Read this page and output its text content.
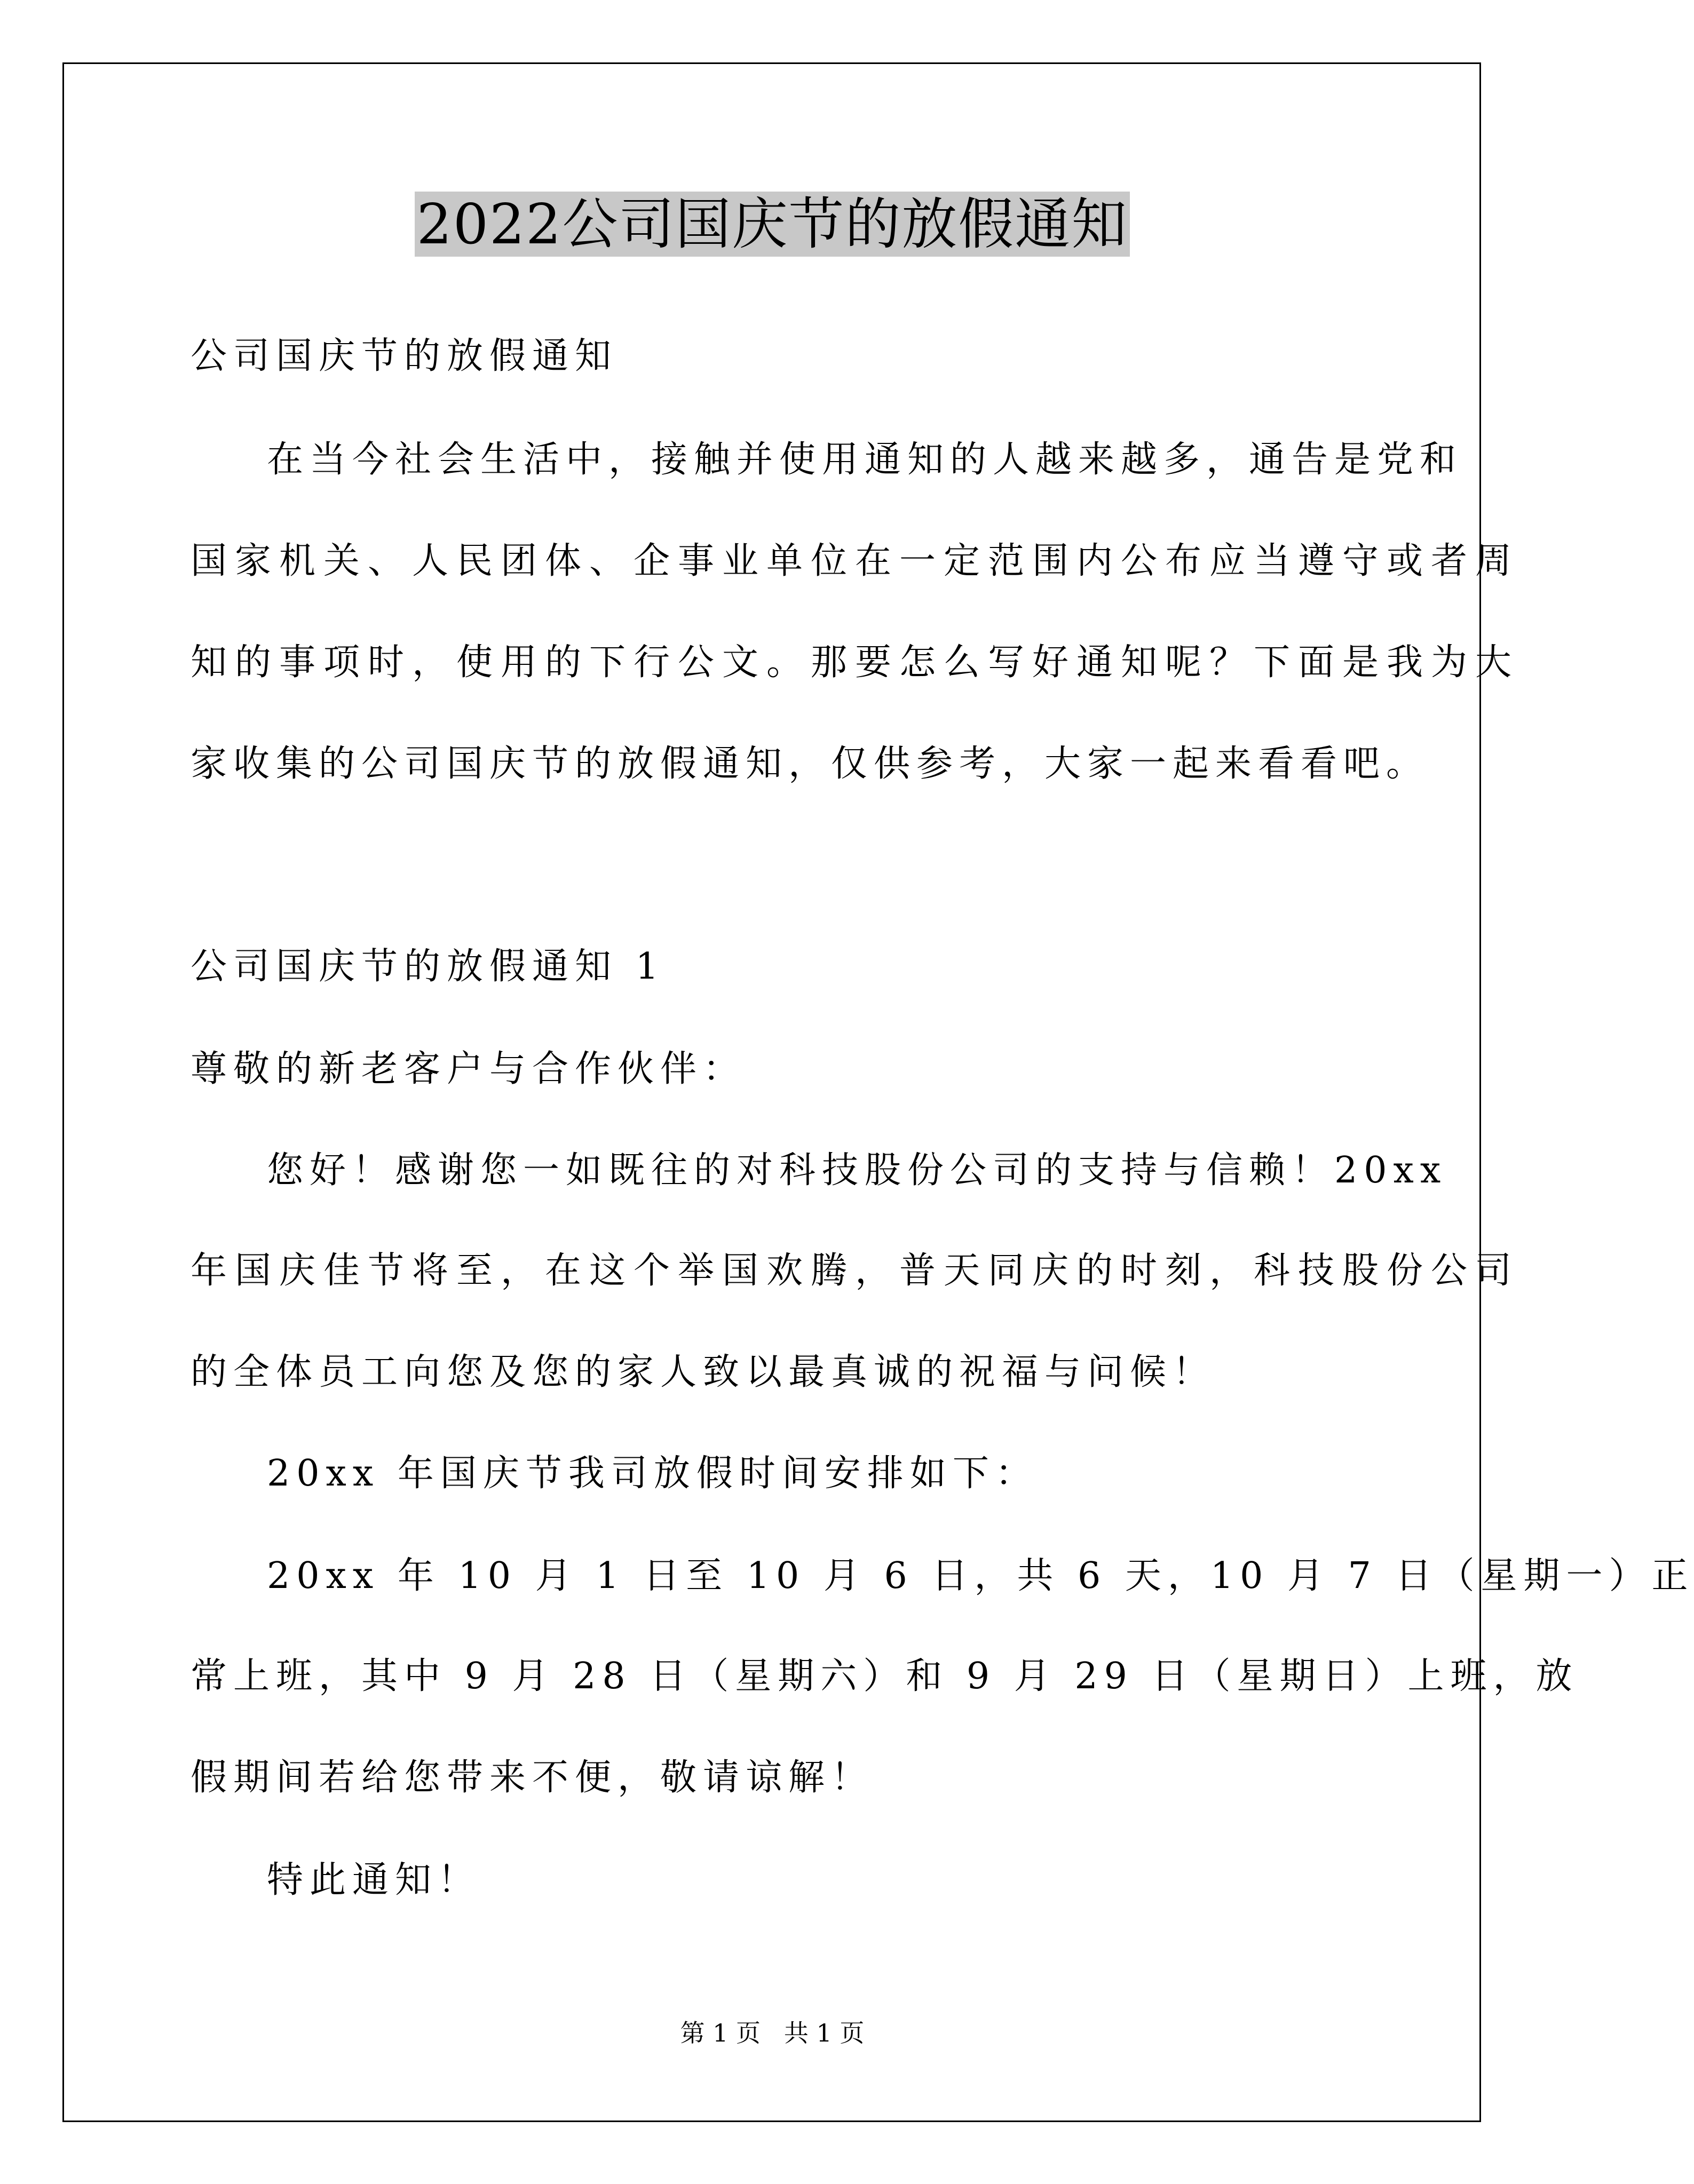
2022公司国庆节的放假通知
公司国庆节的放假通知
在当今社会生活中，接触并使用通知的人越来越多，通告是党和
国家机关、人民团体、企事业单位在一定范围内公布应当遵守或者周
知的事项时，使用的下行公文。那要怎么写好通知呢？下面是我为大
家收集的公司国庆节的放假通知，仅供参考，大家一起来看看吧。
公司国庆节的放假通知 1
尊敬的新老客户与合作伙伴：
您好！感谢您一如既往的对科技股份公司的支持与信赖！20xx
年国庆佳节将至，在这个举国欢腾，普天同庆的时刻，科技股份公司
的全体员工向您及您的家人致以最真诚的祝福与问候！
20xx 年国庆节我司放假时间安排如下：
20xx 年 10 月 1 日至 10 月 6 日，共 6 天，10 月 7 日（星期一）正
常上班，其中 9 月 28 日（星期六）和 9 月 29 日（星期日）上班，放
假期间若给您带来不便，敬请谅解！
特此通知！
第 1 页   共 1 页
